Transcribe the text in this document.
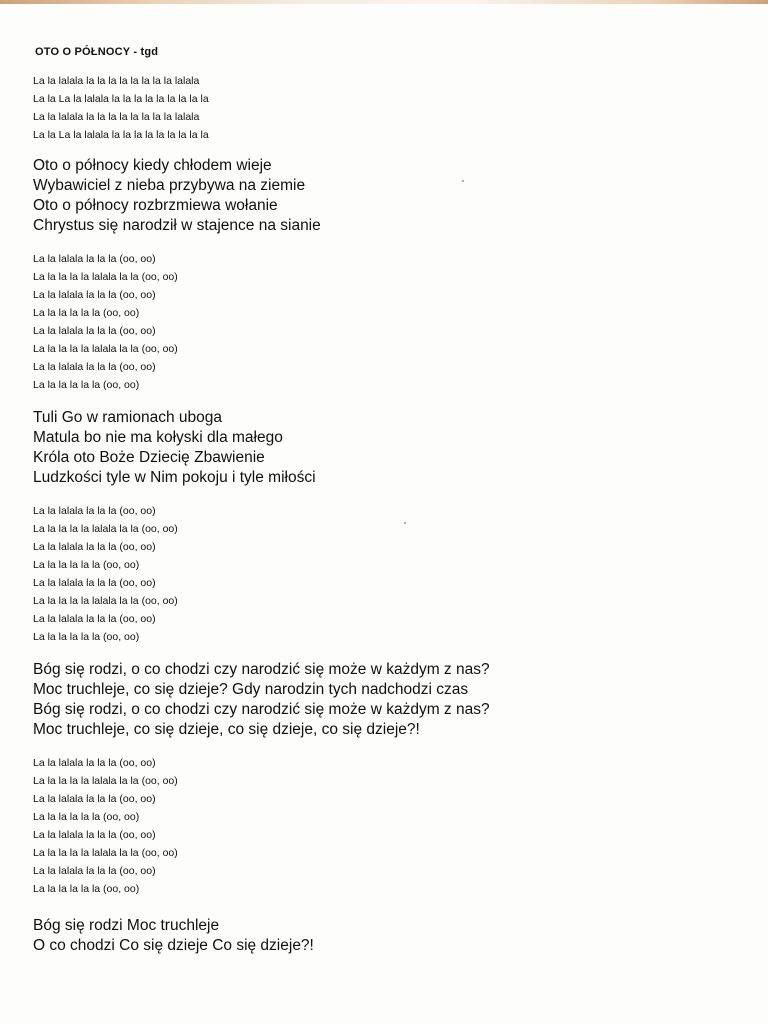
OTO O PÓŁNOCY - tgd
La la lalala la la la la la la la la lalala
La la La la lalala la la la la la la la la la
La la lalala la la la la la la la la lalala
La la La la lalala la la la la la la la la la
Oto o północy kiedy chłodem wieje
Wybawiciel z nieba przybywa na ziemie
Oto o północy rozbrzmiewa wołanie
Chrystus się narodził w stajence na sianie
La la lalala la la la (oo, oo)
La la la la la lalala la la (oo, oo)
La la lalala la la la (oo, oo)
La la la la la la (oo, oo)
La la lalala la la la (oo, oo)
La la la la la lalala la la (oo, oo)
La la lalala la la la (oo, oo)
La la la la la la (oo, oo)
Tuli Go w ramionach uboga
Matula bo nie ma kołyski dla małego
Króla oto Boże Dziecię Zbawienie
Ludzkości tyle w Nim pokoju i tyle miłości
La la lalala la la la (oo, oo)
La la la la la lalala la la (oo, oo)
La la lalala la la la (oo, oo)
La la la la la la (oo, oo)
La la lalala la la la (oo, oo)
La la la la la lalala la la (oo, oo)
La la lalala la la la (oo, oo)
La la la la la la (oo, oo)
Bóg się rodzi, o co chodzi czy narodzić się może w każdym z nas?
Moc truchleje, co się dzieje? Gdy narodzin tych nadchodzi czas
Bóg się rodzi, o co chodzi czy narodzić się może w każdym z nas?
Moc truchleje, co się dzieje, co się dzieje, co się dzieje?!
La la lalala la la la (oo, oo)
La la la la la lalala la la (oo, oo)
La la lalala la la la (oo, oo)
La la la la la la (oo, oo)
La la lalala la la la (oo, oo)
La la la la la lalala la la (oo, oo)
La la lalala la la la (oo, oo)
La la la la la la (oo, oo)
Bóg się rodzi Moc truchleje
O co chodzi Co się dzieje Co się dzieje?!
